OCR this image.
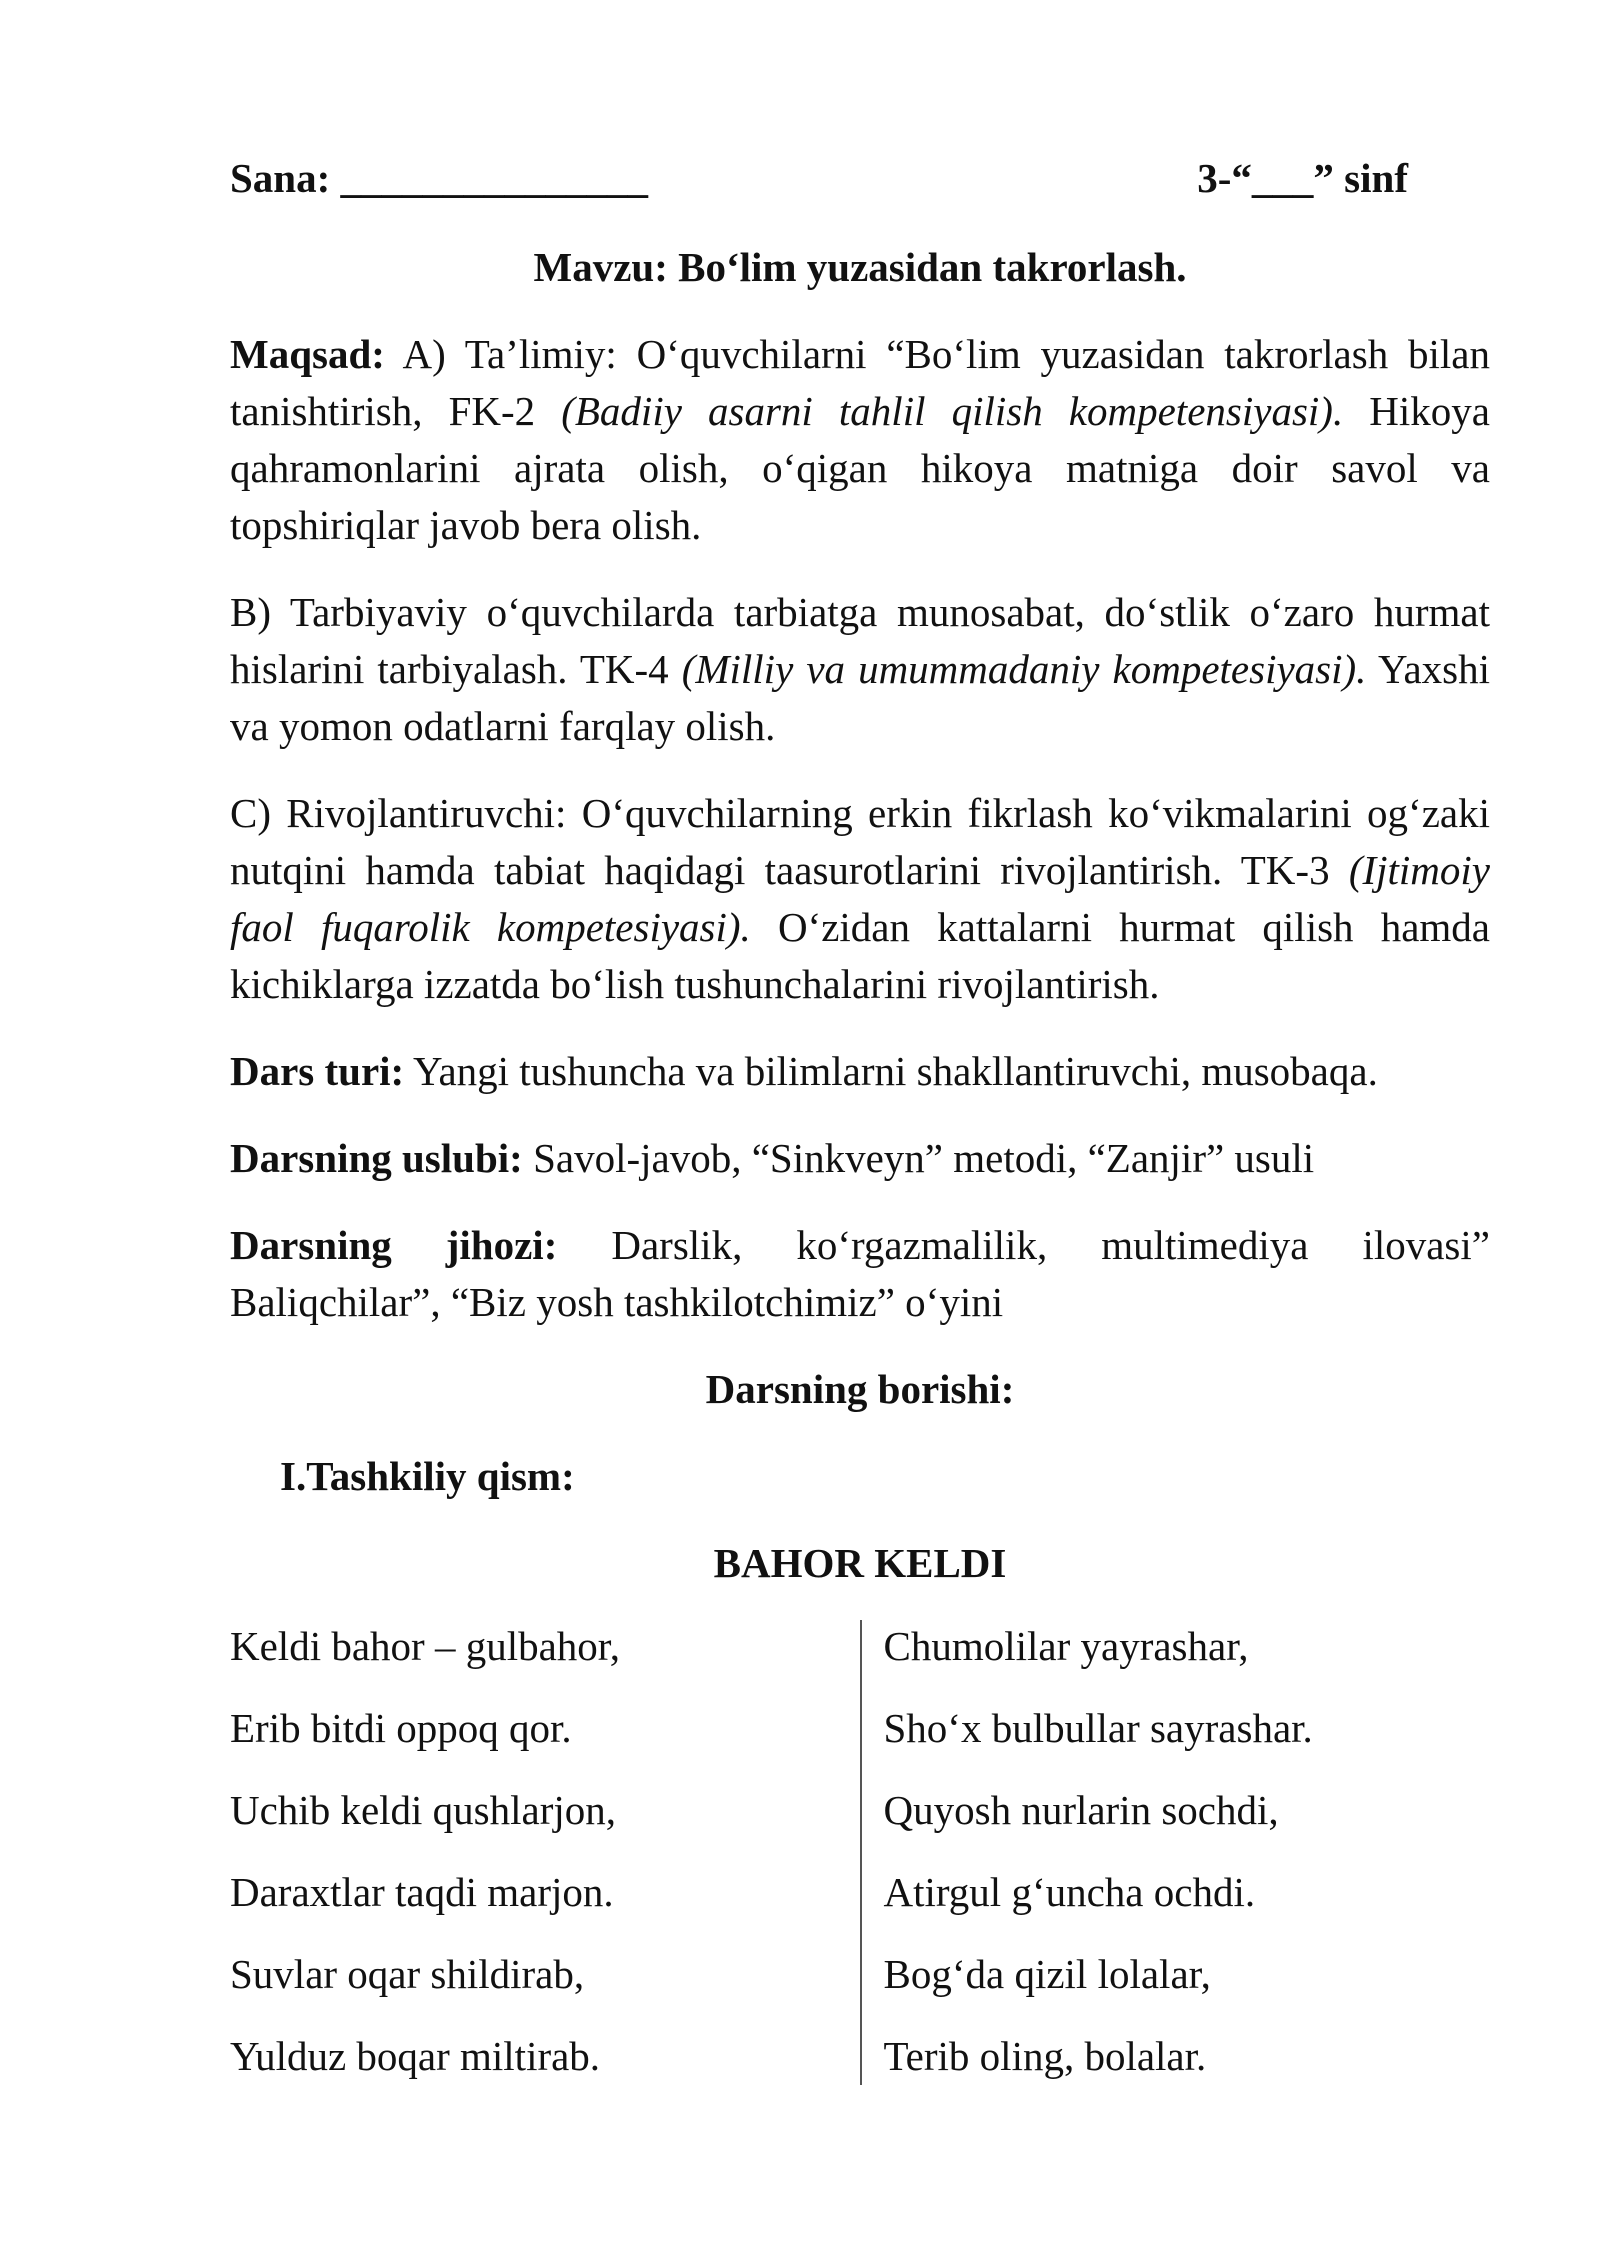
Sana: _______________	3-“___” sinf
Mavzu: Bo‘lim yuzasidan takrorlash.

Maqsad: A) Ta’limiy: O‘quvchilarni “Bo‘lim yuzasidan takrorlash bilan tanishtirish, FK-2 (Badiiy asarni tahlil qilish kompetensiyasi). Hikoya qahramonlarini ajrata olish, o‘qigan hikoya matniga doir savol va topshiriqlar javob bera olish.

B) Tarbiyaviy o‘quvchilarda tarbiatga munosabat, do‘stlik o‘zaro hurmat hislarini tarbiyalash. TK-4 (Milliy va umummadaniy kompetesiyasi). Yaxshi va yomon odatlarni farqlay olish.

C) Rivojlantiruvchi: O‘quvchilarning erkin fikrlash ko‘vikmalarini og‘zaki nutqini hamda tabiat haqidagi taasurotlarini rivojlantirish. TK-3 (Ijtimoiy faol fuqarolik kompetesiyasi). O‘zidan kattalarni hurmat qilish hamda kichiklarga izzatda bo‘lish tushunchalarini rivojlantirish.

Dars turi: Yangi tushuncha va bilimlarni shakllantiruvchi, musobaqa.

Darsning uslubi: Savol-javob, “Sinkveyn” metodi, “Zanjir” usuli

Darsning jihozi: Darslik, ko‘rgazmalilik, multimediya ilovasi” Baliqchilar”, “Biz yosh tashkilotchimiz” o‘yini

Darsning borishi:
I.Tashkiliy qism:
BAHOR KELDI
Keldi bahor – gulbahor,
Erib bitdi oppoq qor.
Uchib keldi qushlarjon,
Daraxtlar taqdi marjon.
Suvlar oqar shildirab,
Yulduz boqar miltirab.
Chumolilar yayrashar,
Sho‘x bulbullar sayrashar.
Quyosh nurlarin sochdi,
Atirgul g‘uncha ochdi.
Bog‘da qizil lolalar,
Terib oling, bolalar.
